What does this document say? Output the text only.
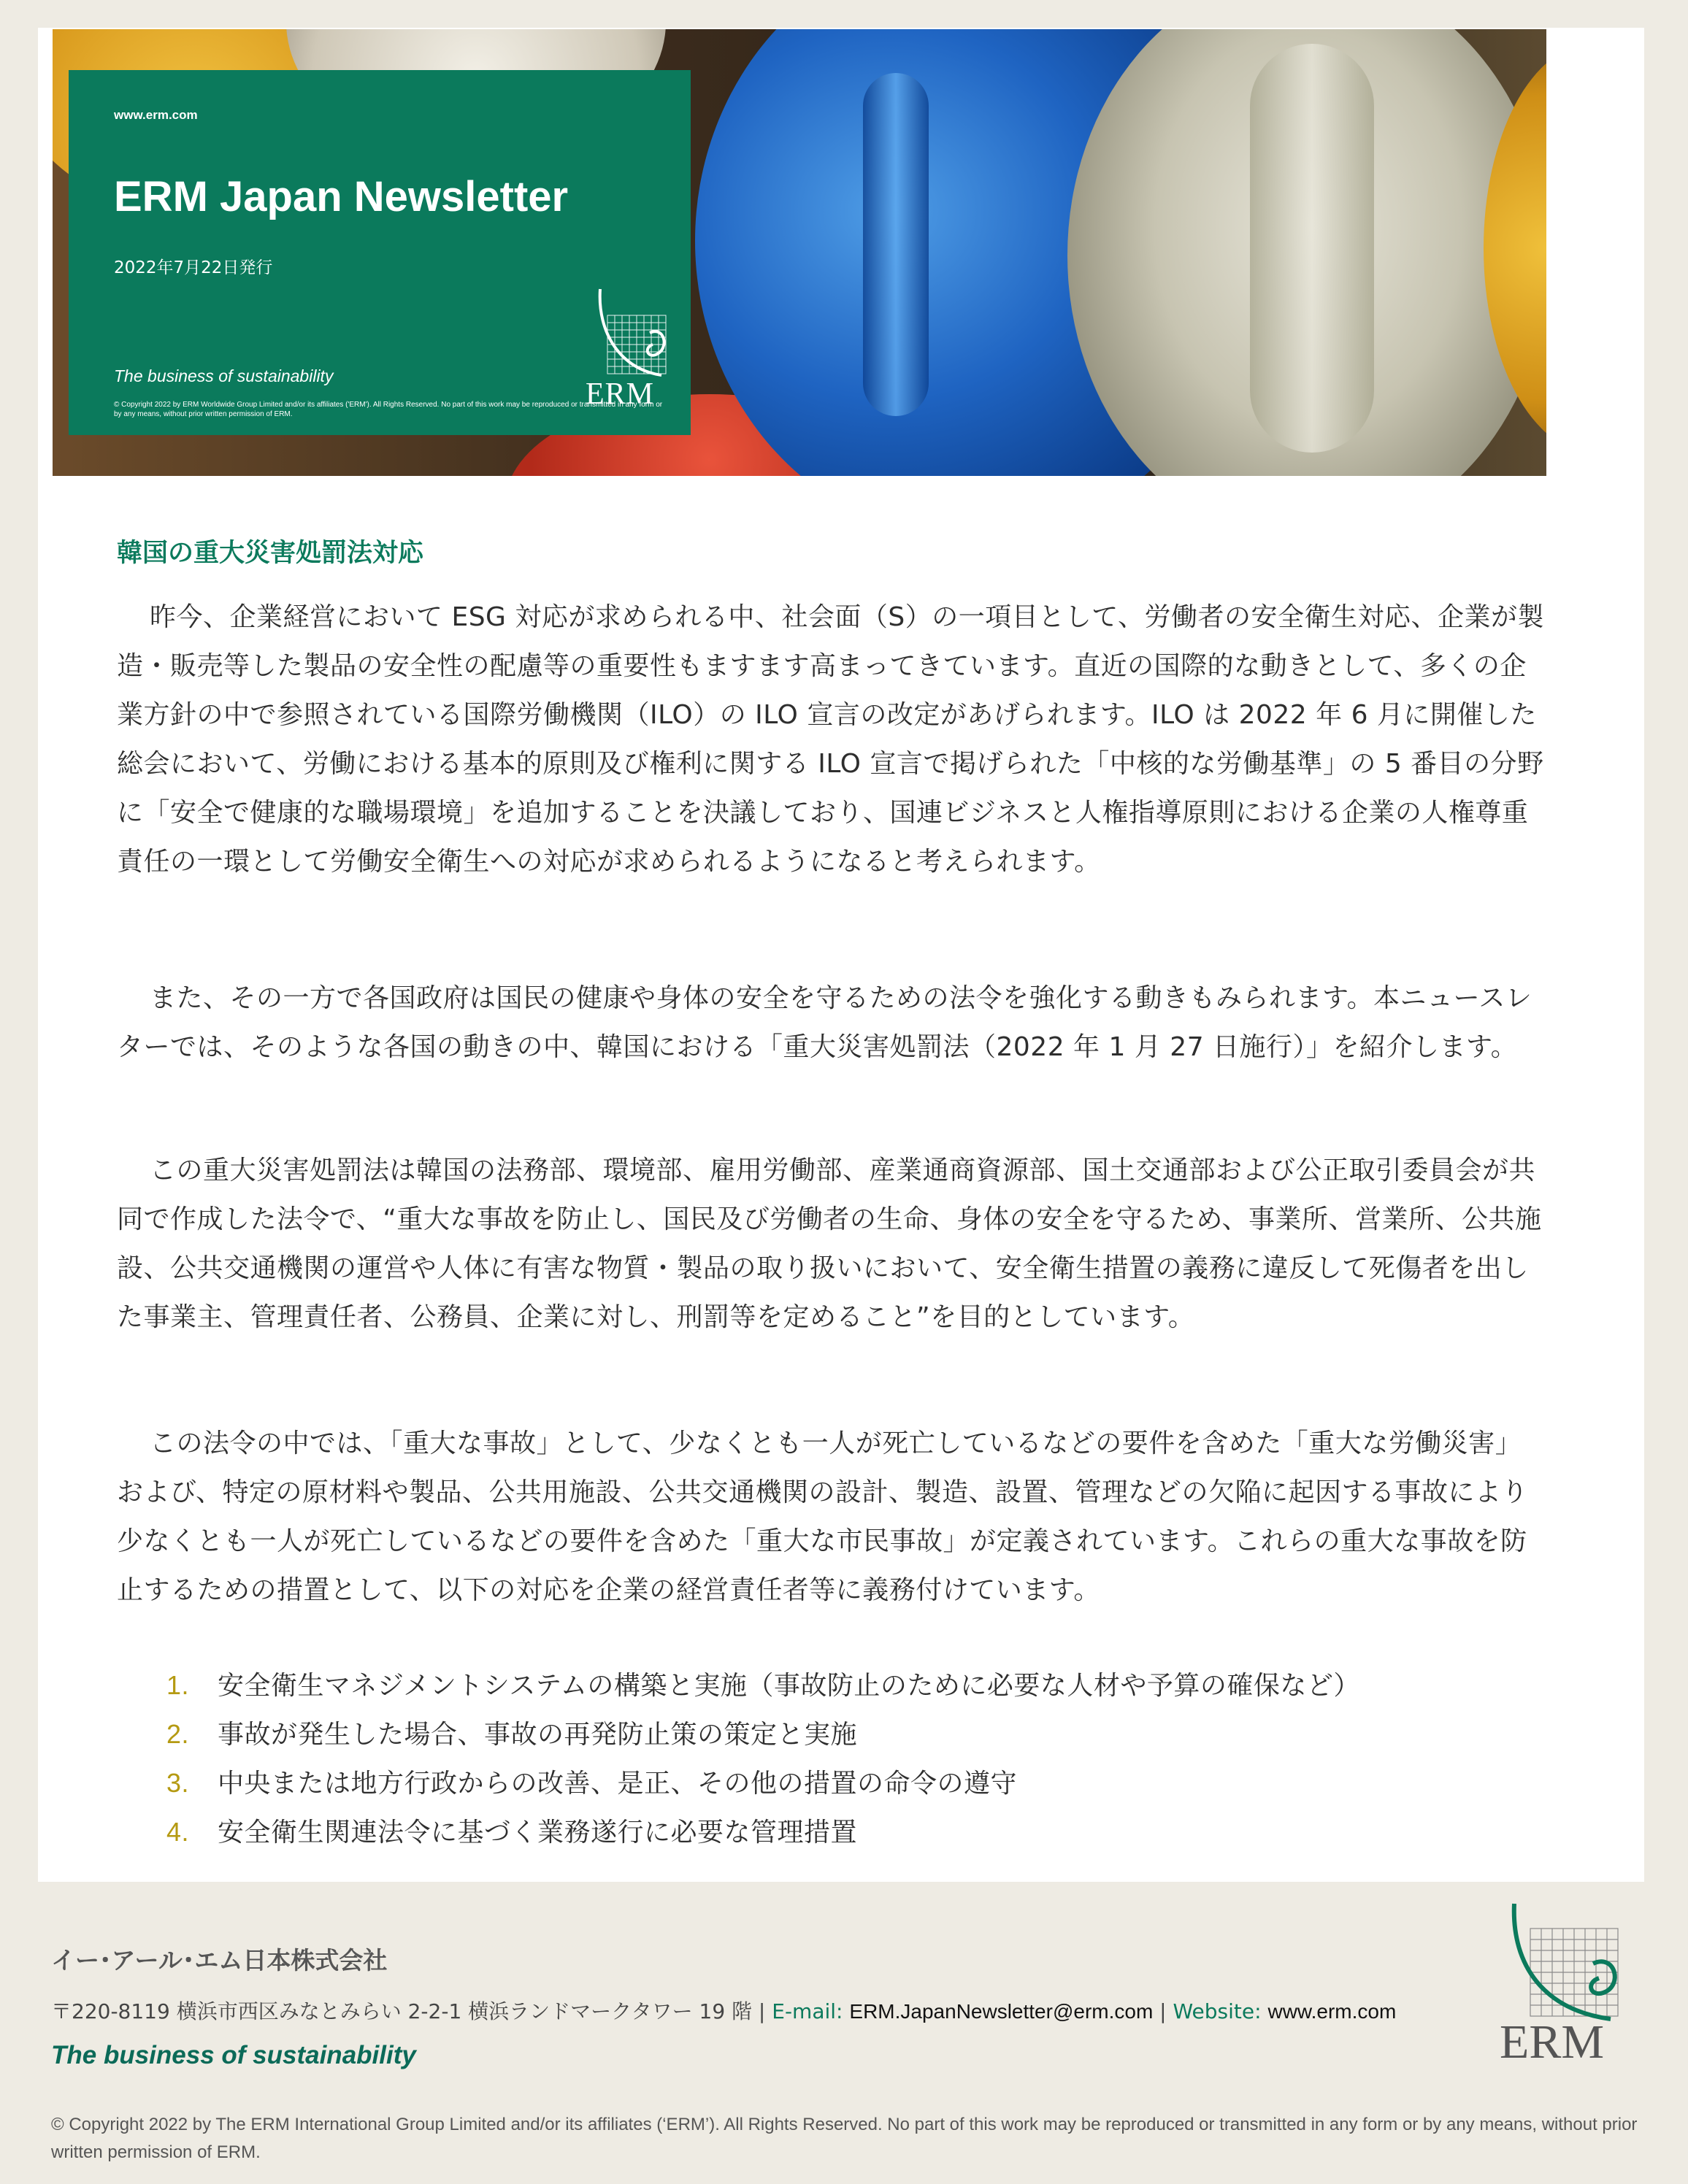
www.erm.com
ERM Japan Newsletter
2022年7月22日発行
ERM
The business of sustainability
© Copyright 2022 by ERM Worldwide Group Limited and/or its affiliates ('ERM'). All Rights Reserved. No part of this work may be reproduced or transmitted in any form or by any means, without prior written permission of ERM.
韓国の重大災害処罰法対応

昨今、企業経営において ESG 対応が求められる中、社会面（S）の一項目として、労働者の安全衛生対応、企業が製造・販売等した製品の安全性の配慮等の重要性もますます高まってきています。直近の国際的な動きとして、多くの企業方針の中で参照されている国際労働機関（ILO）の ILO 宣言の改定があげられます。ILO は 2022 年 6 月に開催した総会において、労働における基本的原則及び権利に関する ILO 宣言で掲げられた「中核的な労働基準」の 5 番目の分野に「安全で健康的な職場環境」を追加することを決議しており、国連ビジネスと人権指導原則における企業の人権尊重責任の一環として労働安全衛生への対応が求められるようになると考えられます。

また、その一方で各国政府は国民の健康や身体の安全を守るための法令を強化する動きもみられます。本ニュースレターでは、そのような各国の動きの中、韓国における「重大災害処罰法（2022 年 1 月 27 日施行）」を紹介します。

この重大災害処罰法は韓国の法務部、環境部、雇用労働部、産業通商資源部、国土交通部および公正取引委員会が共同で作成した法令で、“重大な事故を防止し、国民及び労働者の生命、身体の安全を守るため、事業所、営業所、公共施設、公共交通機関の運営や人体に有害な物質・製品の取り扱いにおいて、安全衛生措置の義務に違反して死傷者を出した事業主、管理責任者、公務員、企業に対し、刑罰等を定めること”を目的としています。

この法令の中では、「重大な事故」として、少なくとも一人が死亡しているなどの要件を含めた「重大な労働災害」および、特定の原材料や製品、公共用施設、公共交通機関の設計、製造、設置、管理などの欠陥に起因する事故により少なくとも一人が死亡しているなどの要件を含めた「重大な市民事故」が定義されています。これらの重大な事故を防止するための措置として、以下の対応を企業の経営責任者等に義務付けています。

1. 安全衛生マネジメントシステムの構築と実施（事故防止のために必要な人材や予算の確保など）
2. 事故が発生した場合、事故の再発防止策の策定と実施
3. 中央または地方行政からの改善、是正、その他の措置の命令の遵守
4. 安全衛生関連法令に基づく業務遂行に必要な管理措置
イー･アール･エム日本株式会社
〒220-8119 横浜市西区みなとみらい 2-2-1 横浜ランドマークタワー 19 階 | E-mail: ERM.JapanNewsletter@erm.com | Website: www.erm.com
The business of sustainability	ERM
© Copyright 2022 by The ERM International Group Limited and/or its affiliates (‘ERM’). All Rights Reserved. No part of this work may be reproduced or transmitted in any form or by any means, without prior written permission of ERM.
